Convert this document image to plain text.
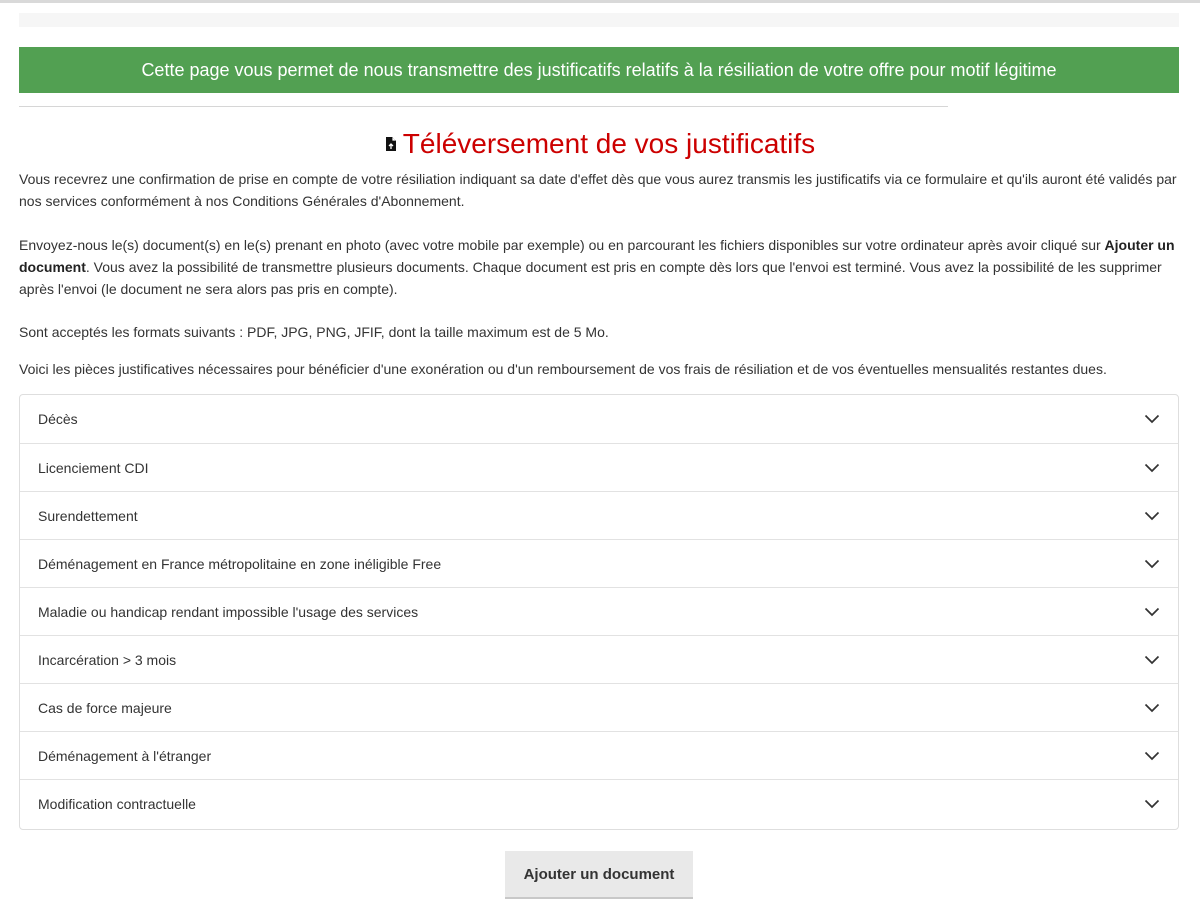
Cette page vous permet de nous transmettre des justificatifs relatifs à la résiliation de votre offre pour motif légitime
Téléversement de vos justificatifs

Vous recevrez une confirmation de prise en compte de votre résiliation indiquant sa date d'effet dès que vous aurez transmis les justificatifs via ce formulaire et qu'ils auront été validés par nos services conformément à nos Conditions Générales d'Abonnement.

Envoyez-nous le(s) document(s) en le(s) prenant en photo (avec votre mobile par exemple) ou en parcourant les fichiers disponibles sur votre ordinateur après avoir cliqué sur Ajouter un document. Vous avez la possibilité de transmettre plusieurs documents. Chaque document est pris en compte dès lors que l'envoi est terminé. Vous avez la possibilité de les supprimer après l'envoi (le document ne sera alors pas pris en compte).

Sont acceptés les formats suivants : PDF, JPG, PNG, JFIF, dont la taille maximum est de 5 Mo.

Voici les pièces justificatives nécessaires pour bénéficier d'une exonération ou d'un remboursement de vos frais de résiliation et de vos éventuelles mensualités restantes dues.

Décès
Licenciement CDI
Surendettement
Déménagement en France métropolitaine en zone inéligible Free
Maladie ou handicap rendant impossible l'usage des services
Incarcération > 3 mois
Cas de force majeure
Déménagement à l'étranger
Modification contractuelle
Ajouter un document
